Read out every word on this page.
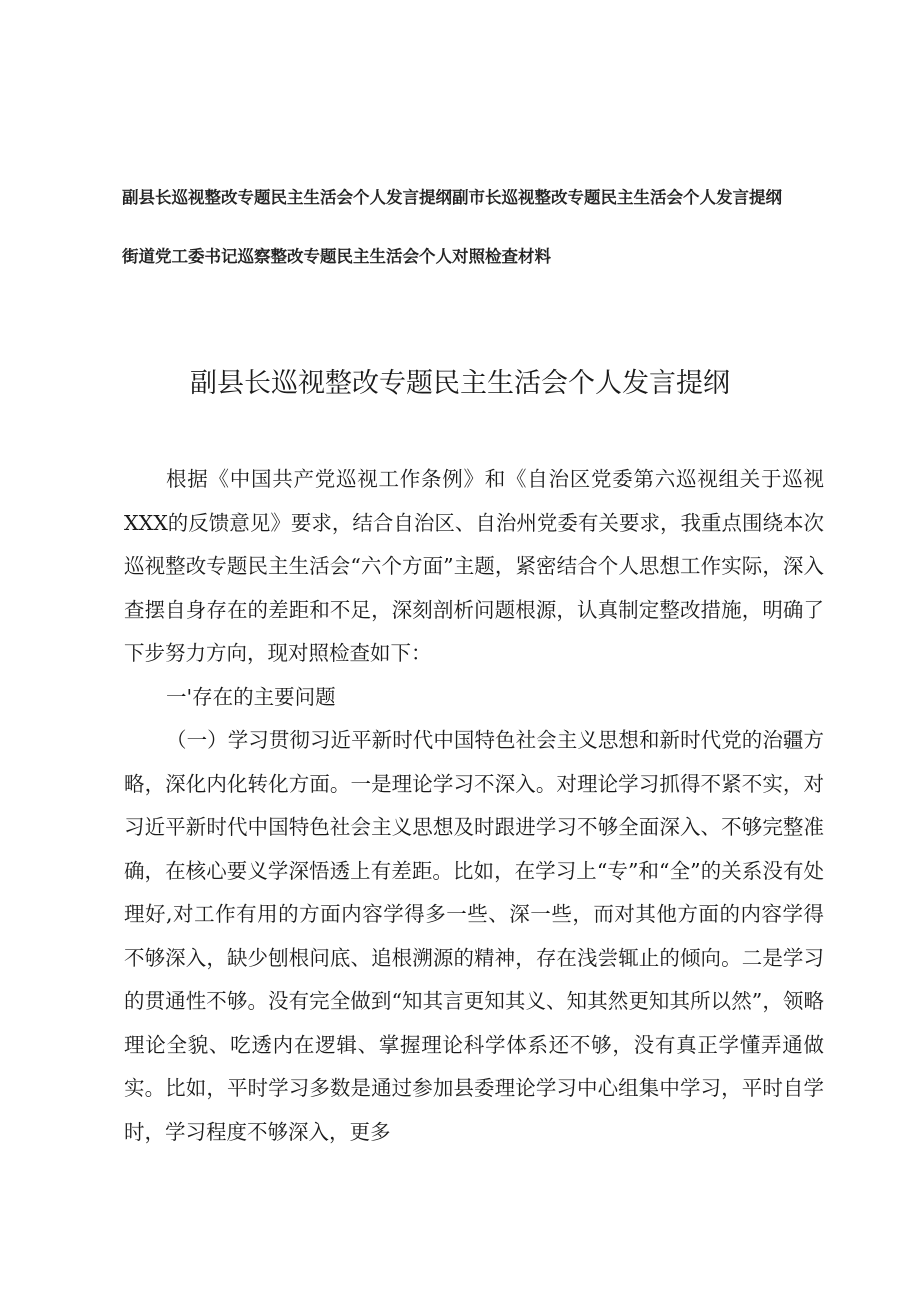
副县长巡视整改专题民主生活会个人发言提纲副市长巡视整改专题民主生活会个人发言提纲

街道党工委书记巡察整改专题民主生活会个人对照检查材料

副县长巡视整改专题民主生活会个人发言提纲

根据《中国共产党巡视工作条例》和《自治区党委第六巡视组关于巡视XXX的反馈意见》要求，结合自治区、自治州党委有关要求，我重点围绕本次巡视整改专题民主生活会“六个方面”主题，紧密结合个人思想工作实际，深入查摆自身存在的差距和不足，深刻剖析问题根源，认真制定整改措施，明确了下步努力方向，现对照检查如下：

一'存在的主要问题

（一）学习贯彻习近平新时代中国特色社会主义思想和新时代党的治疆方略，深化内化转化方面。一是理论学习不深入。对理论学习抓得不紧不实，对习近平新时代中国特色社会主义思想及时跟进学习不够全面深入、不够完整准确，在核心要义学深悟透上有差距。比如，在学习上“专”和“全”的关系没有处理好,对工作有用的方面内容学得多一些、深一些，而对其他方面的内容学得不够深入，缺少刨根问底、追根溯源的精神，存在浅尝辄止的倾向。二是学习的贯通性不够。没有完全做到“知其言更知其义、知其然更知其所以然”，领略理论全貌、吃透内在逻辑、掌握理论科学体系还不够，没有真正学懂弄通做实。比如，平时学习多数是通过参加县委理论学习中心组集中学习，平时自学时，学习程度不够深入，更多
